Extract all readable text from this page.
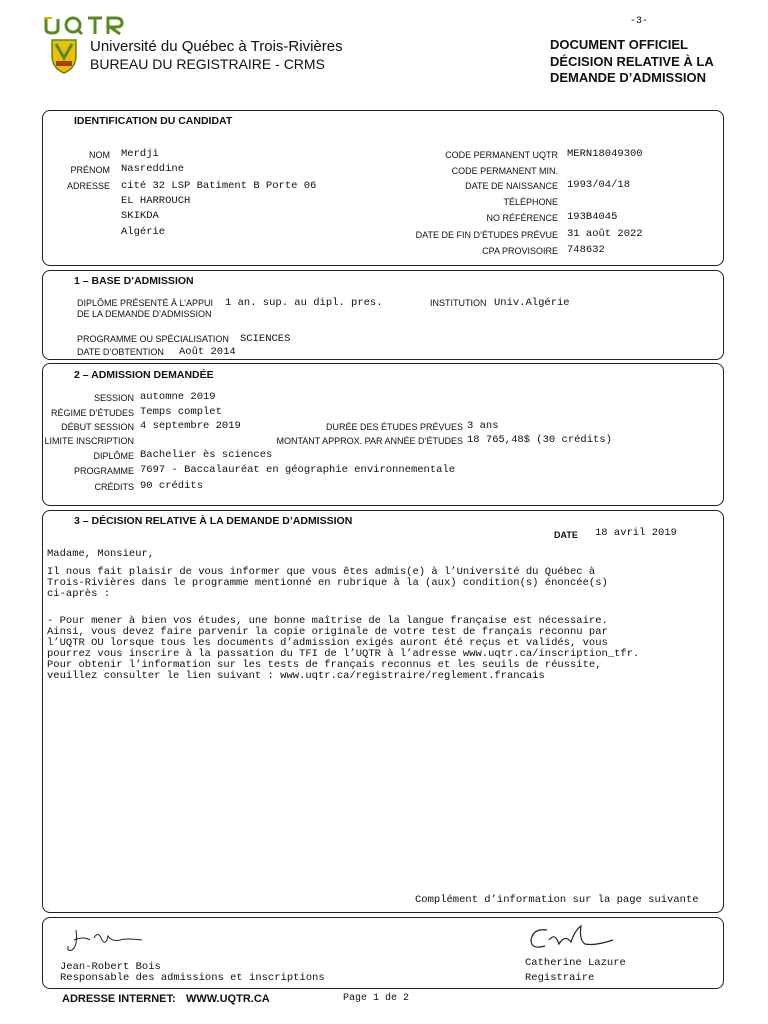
Université du Québec à Trois-Rivières
BUREAU DU REGISTRAIRE - CRMS
-3-
DOCUMENT OFFICIEL
DÉCISION RELATIVE À LA
DEMANDE D’ADMISSION
IDENTIFICATION DU CANDIDAT
NOM Merdji
PRÉNOM Nasreddine
ADRESSE cité 32 LSP Batiment B Porte 06
EL HARROUCH
SKIKDA
Algérie
CODE PERMANENT UQTR MERN18049300
CODE PERMANENT MIN.
DATE DE NAISSANCE 1993/04/18
TÉLÉPHONE
NO RÉFÉRENCE 193B4045
DATE DE FIN D’ÉTUDES PRÉVUE 31 août 2022
CPA PROVISOIRE 748632
1 – BASE D’ADMISSION
DIPLÔME PRÉSENTÉ À L’APPUI
DE LA DEMANDE D’ADMISSION
1 an. sup. au dipl. pres.	INSTITUTION Univ.Algérie
PROGRAMME OU SPÉCIALISATION SCIENCES
DATE D’OBTENTION Août 2014
2 – ADMISSION DEMANDÉE
SESSION automne 2019
RÉGIME D’ÉTUDES Temps complet
DÉBUT SESSION 4 septembre 2019
LIMITE INSCRIPTION
DURÉE DES ÉTUDES PRÉVUES 3 ans
MONTANT APPROX. PAR ANNÉE D’ÉTUDES 18 765,48$ (30 crédits)
DIPLÔME Bachelier ès sciences
PROGRAMME 7697 - Baccalauréat en géographie environnementale
CRÉDITS 90 crédits
3 – DÉCISION RELATIVE À LA DEMANDE D’ADMISSION
DATE 18 avril 2019
Madame, Monsieur,
Il nous fait plaisir de vous informer que vous êtes admis(e) à l’Université du Québec à
Trois-Rivières dans le programme mentionné en rubrique à la (aux) condition(s) énoncée(s)
ci-après :
- Pour mener à bien vos études, une bonne maîtrise de la langue française est nécessaire.
Ainsi, vous devez faire parvenir la copie originale de votre test de français reconnu par
l’UQTR OU lorsque tous les documents d’admission exigés auront été reçus et validés, vous
pourrez vous inscrire à la passation du TFI de l’UQTR à l’adresse www.uqtr.ca/inscription_tfr.
Pour obtenir l’information sur les tests de français reconnus et les seuils de réussite,
veuillez consulter le lien suivant : www.uqtr.ca/registraire/reglement.francais
Complément d’information sur la page suivante
Jean-Robert Bois
Responsable des admissions et inscriptions
Catherine Lazure
Registraire
ADRESSE INTERNET: WWW.UQTR.CA	Page 1 de 2
